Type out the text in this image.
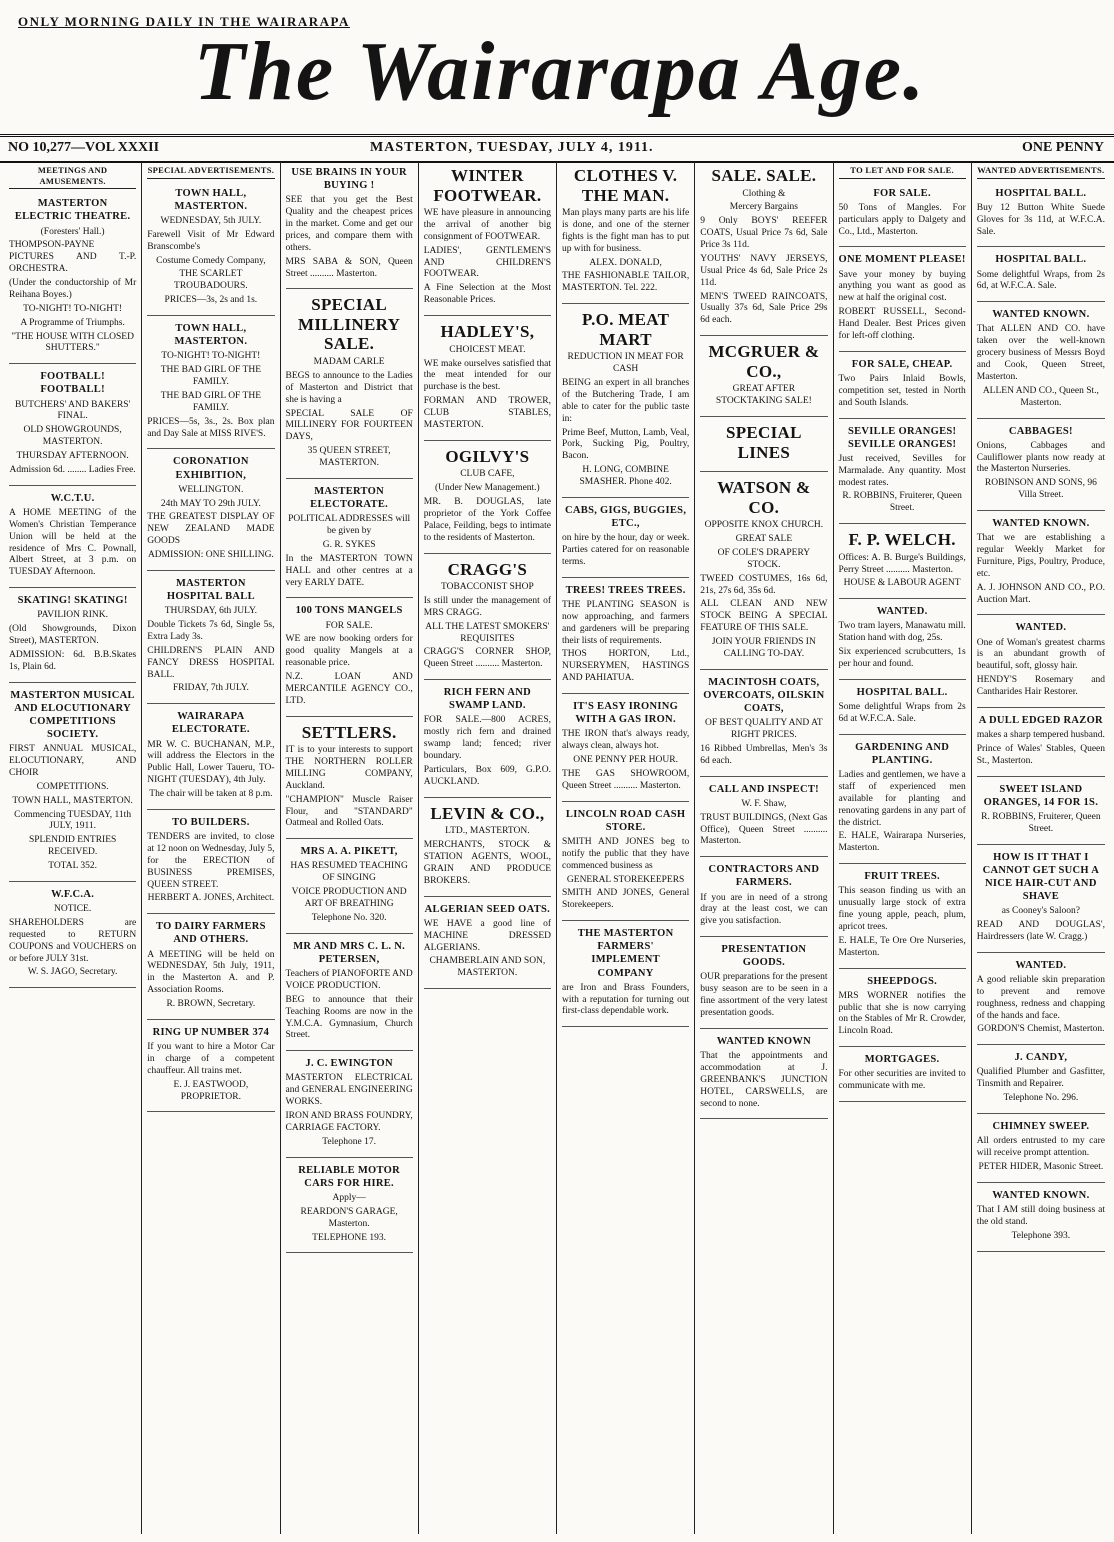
ONLY MORNING DAILY IN THE WAIRARAPA
The Wairarapa Age.
NO 10,277—VOL XXXII	MASTERTON, TUESDAY, JULY 4, 1911.	ONE PENNY
MEETINGS AND AMUSEMENTS.
MASTERTON ELECTRIC THEATRE.

(Foresters' Hall.)

THOMPSON-PAYNE PICTURES AND T.-P. ORCHESTRA.

(Under the conductorship of Mr Reihana Boyes.)

TO-NIGHT! TO-NIGHT!

A Programme of Triumphs.

"THE HOUSE WITH CLOSED SHUTTERS."

FOOTBALL! FOOTBALL!

BUTCHERS' AND BAKERS' FINAL.

OLD SHOWGROUNDS, MASTERTON.

THURSDAY AFTERNOON.

Admission 6d. ........ Ladies Free.

W.C.T.U.

A HOME MEETING of the Women's Christian Temperance Union will be held at the residence of Mrs C. Pownall, Albert Street, at 3 p.m. on TUESDAY Afternoon.

SKATING! SKATING!

PAVILION RINK.

(Old Showgrounds, Dixon Street), MASTERTON.

ADMISSION: 6d. B.B.Skates 1s, Plain 6d.

MASTERTON MUSICAL AND ELOCUTIONARY COMPETITIONS SOCIETY.

FIRST ANNUAL MUSICAL, ELOCUTIONARY, AND CHOIR

COMPETITIONS.

TOWN HALL, MASTERTON.

Commencing TUESDAY, 11th JULY, 1911.

SPLENDID ENTRIES RECEIVED.

TOTAL 352.

W.F.C.A.

NOTICE.

SHAREHOLDERS are requested to RETURN COUPONS and VOUCHERS on or before JULY 31st.

W. S. JAGO, Secretary.

SPECIAL ADVERTISEMENTS.
TOWN HALL, MASTERTON.

WEDNESDAY, 5th JULY.

Farewell Visit of Mr Edward Branscombe's

Costume Comedy Company,

THE SCARLET TROUBADOURS.

PRICES—3s, 2s and 1s.

TOWN HALL, MASTERTON.

TO-NIGHT! TO-NIGHT!

THE BAD GIRL OF THE FAMILY.

THE BAD GIRL OF THE FAMILY.

PRICES—5s, 3s., 2s. Box plan and Day Sale at MISS RIVE'S.

CORONATION EXHIBITION,

WELLINGTON.

24th MAY TO 29th JULY.

THE GREATEST DISPLAY OF NEW ZEALAND MADE GOODS

ADMISSION: ONE SHILLING.

MASTERTON HOSPITAL BALL

THURSDAY, 6th JULY.

Double Tickets 7s 6d, Single 5s, Extra Lady 3s.

CHILDREN'S PLAIN AND FANCY DRESS HOSPITAL BALL.

FRIDAY, 7th JULY.

WAIRARAPA ELECTORATE.

MR W. C. BUCHANAN, M.P., will address the Electors in the Public Hall, Lower Taueru, TO-NIGHT (TUESDAY), 4th July.

The chair will be taken at 8 p.m.

TO BUILDERS.

TENDERS are invited, to close at 12 noon on Wednesday, July 5, for the ERECTION of BUSINESS PREMISES, QUEEN STREET.

HERBERT A. JONES, Architect.

TO DAIRY FARMERS AND OTHERS.

A MEETING will be held on WEDNESDAY, 5th July, 1911, in the Masterton A. and P. Association Rooms.

R. BROWN, Secretary.

RING UP NUMBER 374

If you want to hire a Motor Car in charge of a competent chauffeur. All trains met.

E. J. EASTWOOD, PROPRIETOR.

USE BRAINS IN YOUR BUYING !

SEE that you get the Best Quality and the cheapest prices in the market. Come and get our prices, and compare them with others.

MRS SABA & SON, Queen Street .......... Masterton.

SPECIAL MILLINERY SALE.

MADAM CARLE

BEGS to announce to the Ladies of Masterton and District that she is having a

SPECIAL SALE OF MILLINERY FOR FOURTEEN DAYS,

35 QUEEN STREET, MASTERTON.

MASTERTON ELECTORATE.

POLITICAL ADDRESSES will be given by

G. R. SYKES

In the MASTERTON TOWN HALL and other centres at a very EARLY DATE.

100 TONS MANGELS

FOR SALE.

WE are now booking orders for good quality Mangels at a reasonable price.

N.Z. LOAN AND MERCANTILE AGENCY CO., LTD.

SETTLERS.

IT is to your interests to support THE NORTHERN ROLLER MILLING COMPANY, Auckland.

"CHAMPION" Muscle Raiser Flour, and "STANDARD" Oatmeal and Rolled Oats.

MRS A. A. PIKETT,

HAS RESUMED TEACHING OF SINGING

VOICE PRODUCTION AND ART OF BREATHING

Telephone No. 320.

MR AND MRS C. L. N. PETERSEN,

Teachers of PIANOFORTE AND VOICE PRODUCTION.

BEG to announce that their Teaching Rooms are now in the Y.M.C.A. Gymnasium, Church Street.

J. C. EWINGTON

MASTERTON ELECTRICAL and GENERAL ENGINEERING WORKS.

IRON AND BRASS FOUNDRY, CARRIAGE FACTORY.

Telephone 17.

RELIABLE MOTOR CARS FOR HIRE.

Apply—

REARDON'S GARAGE, Masterton.

TELEPHONE 193.

WINTER FOOTWEAR.

WE have pleasure in announcing the arrival of another big consignment of FOOTWEAR.

LADIES', GENTLEMEN'S AND CHILDREN'S FOOTWEAR.

A Fine Selection at the Most Reasonable Prices.

HADLEY'S,

CHOICEST MEAT.

WE make ourselves satisfied that the meat intended for our purchase is the best.

FORMAN AND TROWER, CLUB STABLES, MASTERTON.

OGILVY'S

CLUB CAFE,

(Under New Management.)

MR. B. DOUGLAS, late proprietor of the York Coffee Palace, Feilding, begs to intimate to the residents of Masterton.

CRAGG'S

TOBACCONIST SHOP

Is still under the management of MRS CRAGG.

ALL THE LATEST SMOKERS' REQUISITES

CRAGG'S CORNER SHOP, Queen Street .......... Masterton.

RICH FERN AND SWAMP LAND.

FOR SALE.—800 ACRES, mostly rich fern and drained swamp land; fenced; river boundary.

Particulars, Box 609, G.P.O. AUCKLAND.

LEVIN & CO.,

LTD., MASTERTON.

MERCHANTS, STOCK & STATION AGENTS, WOOL, GRAIN AND PRODUCE BROKERS.

ALGERIAN SEED OATS.

WE HAVE a good line of MACHINE DRESSED ALGERIANS.

CHAMBERLAIN AND SON, MASTERTON.

CLOTHES V. THE MAN.

Man plays many parts are his life is done, and one of the sterner fights is the fight man has to put up with for business.

ALEX. DONALD,

THE FASHIONABLE TAILOR, MASTERTON. Tel. 222.

P.O. MEAT MART

REDUCTION IN MEAT FOR CASH

BEING an expert in all branches of the Butchering Trade, I am able to cater for the public taste in:

Prime Beef, Mutton, Lamb, Veal, Pork, Sucking Pig, Poultry, Bacon.

H. LONG, COMBINE SMASHER. Phone 402.

CABS, GIGS, BUGGIES, ETC.,

on hire by the hour, day or week. Parties catered for on reasonable terms.

TREES! TREES TREES.

THE PLANTING SEASON is now approaching, and farmers and gardeners will be preparing their lists of requirements.

THOS HORTON, Ltd., NURSERYMEN, HASTINGS AND PAHIATUA.

IT'S EASY IRONING WITH A GAS IRON.

THE IRON that's always ready, always clean, always hot.

ONE PENNY PER HOUR.

THE GAS SHOWROOM, Queen Street .......... Masterton.

LINCOLN ROAD CASH STORE.

SMITH AND JONES beg to notify the public that they have commenced business as

GENERAL STOREKEEPERS

SMITH AND JONES, General Storekeepers.

THE MASTERTON FARMERS' IMPLEMENT COMPANY

are Iron and Brass Founders, with a reputation for turning out first-class dependable work.

SALE. SALE.

Clothing &

Mercery Bargains

9 Only BOYS' REEFER COATS, Usual Price 7s 6d, Sale Price 3s 11d.

YOUTHS' NAVY JERSEYS, Usual Price 4s 6d, Sale Price 2s 11d.

MEN'S TWEED RAINCOATS, Usually 37s 6d, Sale Price 29s 6d each.

MCGRUER & CO.,

GREAT AFTER STOCKTAKING SALE!

SPECIAL LINES
WATSON & CO.

OPPOSITE KNOX CHURCH.

GREAT SALE

OF COLE'S DRAPERY STOCK.

TWEED COSTUMES, 16s 6d, 21s, 27s 6d, 35s 6d.

ALL CLEAN AND NEW STOCK BEING A SPECIAL FEATURE OF THIS SALE.

JOIN YOUR FRIENDS IN CALLING TO-DAY.

MACINTOSH COATS, OVERCOATS, OILSKIN COATS,

OF BEST QUALITY AND AT RIGHT PRICES.

16 Ribbed Umbrellas, Men's 3s 6d each.

CALL AND INSPECT!

W. F. Shaw,

TRUST BUILDINGS, (Next Gas Office), Queen Street .......... Masterton.

CONTRACTORS AND FARMERS.

If you are in need of a strong dray at the least cost, we can give you satisfaction.

PRESENTATION GOODS.

OUR preparations for the present busy season are to be seen in a fine assortment of the very latest presentation goods.

WANTED KNOWN

That the appointments and accommodation at J. GREENBANK'S JUNCTION HOTEL, CARSWELLS, are second to none.

TO LET AND FOR SALE.
FOR SALE.

50 Tons of Mangles. For particulars apply to Dalgety and Co., Ltd., Masterton.

ONE MOMENT PLEASE!

Save your money by buying anything you want as good as new at half the original cost.

ROBERT RUSSELL, Second-Hand Dealer. Best Prices given for left-off clothing.

FOR SALE, CHEAP.

Two Pairs Inlaid Bowls, competition set, tested in North and South Islands.

SEVILLE ORANGES! SEVILLE ORANGES!

Just received, Sevilles for Marmalade. Any quantity. Most modest rates.

R. ROBBINS, Fruiterer, Queen Street.

F. P. WELCH.

Offices: A. B. Burge's Buildings, Perry Street .......... Masterton.

HOUSE & LABOUR AGENT

WANTED.

Two tram layers, Manawatu mill. Station hand with dog, 25s.

Six experienced scrubcutters, 1s per hour and found.

HOSPITAL BALL.

Some delightful Wraps from 2s 6d at W.F.C.A. Sale.

GARDENING AND PLANTING.

Ladies and gentlemen, we have a staff of experienced men available for planting and renovating gardens in any part of the district.

E. HALE, Wairarapa Nurseries, Masterton.

FRUIT TREES.

This season finding us with an unusually large stock of extra fine young apple, peach, plum, apricot trees.

E. HALE, Te Ore Ore Nurseries, Masterton.

SHEEPDOGS.

MRS WORNER notifies the public that she is now carrying on the Stables of Mr R. Crowder, Lincoln Road.

MORTGAGES.

For other securities are invited to communicate with me.

WANTED ADVERTISEMENTS.
HOSPITAL BALL.

Buy 12 Button White Suede Gloves for 3s 11d, at W.F.C.A. Sale.

HOSPITAL BALL.

Some delightful Wraps, from 2s 6d, at W.F.C.A. Sale.

WANTED KNOWN.

That ALLEN AND CO. have taken over the well-known grocery business of Messrs Boyd and Cook, Queen Street, Masterton.

ALLEN AND CO., Queen St., Masterton.

CABBAGES!

Onions, Cabbages and Cauliflower plants now ready at the Masterton Nurseries.

ROBINSON AND SONS, 96 Villa Street.

WANTED KNOWN.

That we are establishing a regular Weekly Market for Furniture, Pigs, Poultry, Produce, etc.

A. J. JOHNSON AND CO., P.O. Auction Mart.

WANTED.

One of Woman's greatest charms is an abundant growth of beautiful, soft, glossy hair.

HENDY'S Rosemary and Cantharides Hair Restorer.

A DULL EDGED RAZOR

makes a sharp tempered husband.

Prince of Wales' Stables, Queen St., Masterton.

SWEET ISLAND ORANGES, 14 FOR 1S.

R. ROBBINS, Fruiterer, Queen Street.

HOW IS IT THAT I CANNOT GET SUCH A NICE HAIR-CUT AND SHAVE

as Cooney's Saloon?

READ AND DOUGLAS', Hairdressers (late W. Cragg.)

WANTED.

A good reliable skin preparation to prevent and remove roughness, redness and chapping of the hands and face.

GORDON'S Chemist, Masterton.

J. CANDY,

Qualified Plumber and Gasfitter, Tinsmith and Repairer.

Telephone No. 296.

CHIMNEY SWEEP.

All orders entrusted to my care will receive prompt attention.

PETER HIDER, Masonic Street.

WANTED KNOWN.

That I AM still doing business at the old stand.

Telephone 393.
